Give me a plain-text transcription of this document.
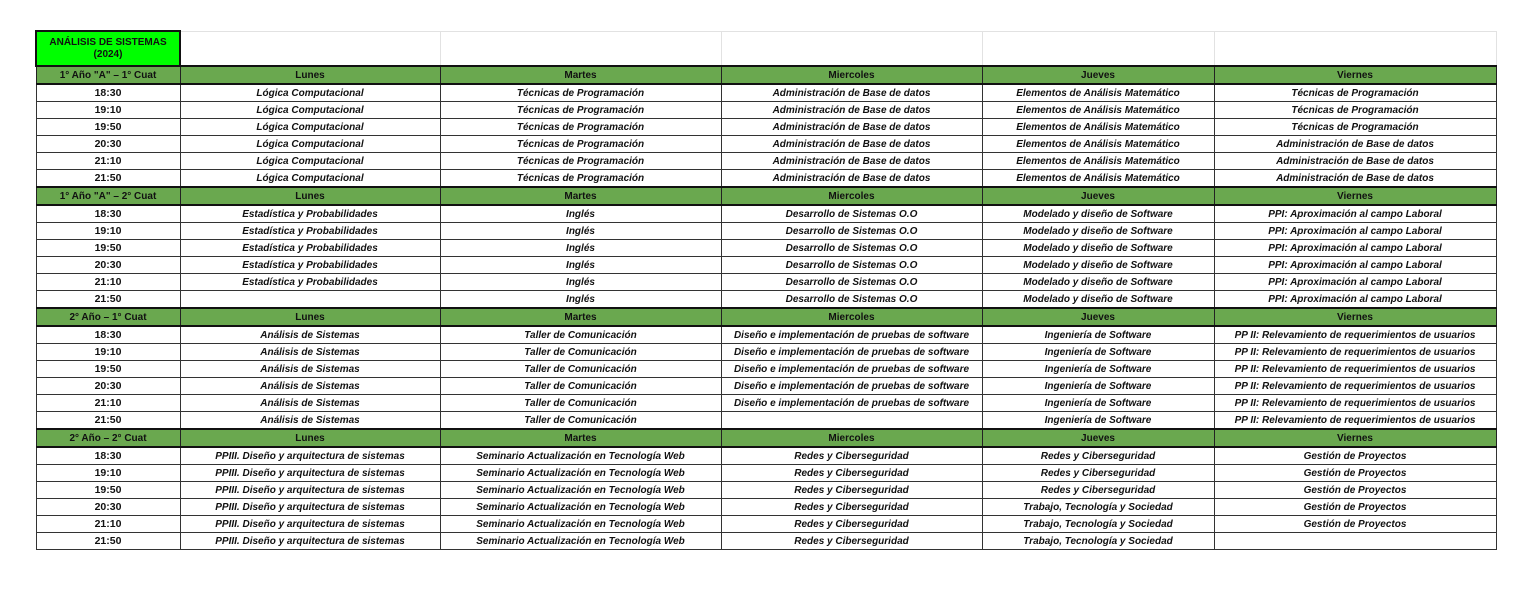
ANÁLISIS DE SISTEMAS
(2024)					

1° Año "A" – 1° Cuat	Lunes	Martes	Miercoles	Jueves	Viernes
18:30	Lógica Computacional	Técnicas de Programación	Administración de Base de datos	Elementos de Análisis Matemático	Técnicas de Programación
19:10	Lógica Computacional	Técnicas de Programación	Administración de Base de datos	Elementos de Análisis Matemático	Técnicas de Programación
19:50	Lógica Computacional	Técnicas de Programación	Administración de Base de datos	Elementos de Análisis Matemático	Técnicas de Programación
20:30	Lógica Computacional	Técnicas de Programación	Administración de Base de datos	Elementos de Análisis Matemático	Administración de Base de datos
21:10	Lógica Computacional	Técnicas de Programación	Administración de Base de datos	Elementos de Análisis Matemático	Administración de Base de datos
21:50	Lógica Computacional	Técnicas de Programación	Administración de Base de datos	Elementos de Análisis Matemático	Administración de Base de datos
1° Año "A" – 2° Cuat	Lunes	Martes	Miercoles	Jueves	Viernes
18:30	Estadística y Probabilidades	Inglés	Desarrollo de Sistemas O.O	Modelado y diseño de Software	PPI: Aproximación al campo Laboral
19:10	Estadística y Probabilidades	Inglés	Desarrollo de Sistemas O.O	Modelado y diseño de Software	PPI: Aproximación al campo Laboral
19:50	Estadística y Probabilidades	Inglés	Desarrollo de Sistemas O.O	Modelado y diseño de Software	PPI: Aproximación al campo Laboral
20:30	Estadística y Probabilidades	Inglés	Desarrollo de Sistemas O.O	Modelado y diseño de Software	PPI: Aproximación al campo Laboral
21:10	Estadística y Probabilidades	Inglés	Desarrollo de Sistemas O.O	Modelado y diseño de Software	PPI: Aproximación al campo Laboral
21:50		Inglés	Desarrollo de Sistemas O.O	Modelado y diseño de Software	PPI: Aproximación al campo Laboral
2° Año – 1° Cuat	Lunes	Martes	Miercoles	Jueves	Viernes
18:30	Análisis de Sistemas	Taller de Comunicación	Diseño e implementación de pruebas de software	Ingeniería de Software	PP II: Relevamiento de requerimientos de usuarios
19:10	Análisis de Sistemas	Taller de Comunicación	Diseño e implementación de pruebas de software	Ingeniería de Software	PP II: Relevamiento de requerimientos de usuarios
19:50	Análisis de Sistemas	Taller de Comunicación	Diseño e implementación de pruebas de software	Ingeniería de Software	PP II: Relevamiento de requerimientos de usuarios
20:30	Análisis de Sistemas	Taller de Comunicación	Diseño e implementación de pruebas de software	Ingeniería de Software	PP II: Relevamiento de requerimientos de usuarios
21:10	Análisis de Sistemas	Taller de Comunicación	Diseño e implementación de pruebas de software	Ingeniería de Software	PP II: Relevamiento de requerimientos de usuarios
21:50	Análisis de Sistemas	Taller de Comunicación		Ingeniería de Software	PP II: Relevamiento de requerimientos de usuarios
2° Año – 2° Cuat	Lunes	Martes	Miercoles	Jueves	Viernes
18:30	PPIII. Diseño y arquitectura de sistemas	Seminario Actualización en Tecnología Web	Redes y Ciberseguridad	Redes y Ciberseguridad	Gestión de Proyectos
19:10	PPIII. Diseño y arquitectura de sistemas	Seminario Actualización en Tecnología Web	Redes y Ciberseguridad	Redes y Ciberseguridad	Gestión de Proyectos
19:50	PPIII. Diseño y arquitectura de sistemas	Seminario Actualización en Tecnología Web	Redes y Ciberseguridad	Redes y Ciberseguridad	Gestión de Proyectos
20:30	PPIII. Diseño y arquitectura de sistemas	Seminario Actualización en Tecnología Web	Redes y Ciberseguridad	Trabajo, Tecnología y Sociedad	Gestión de Proyectos
21:10	PPIII. Diseño y arquitectura de sistemas	Seminario Actualización en Tecnología Web	Redes y Ciberseguridad	Trabajo, Tecnología y Sociedad	Gestión de Proyectos
21:50	PPIII. Diseño y arquitectura de sistemas	Seminario Actualización en Tecnología Web	Redes y Ciberseguridad	Trabajo, Tecnología y Sociedad	
